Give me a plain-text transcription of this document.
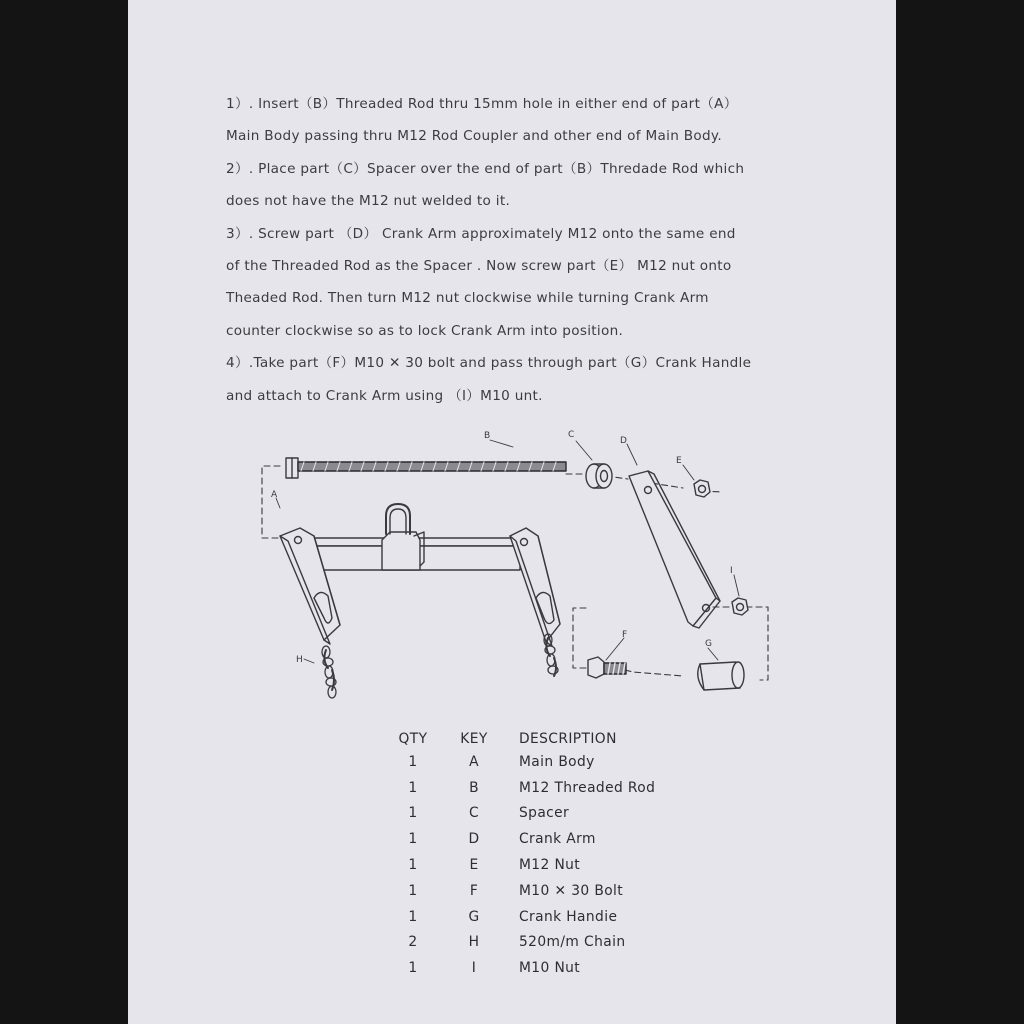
1）. Insert（B）Threaded Rod thru 15mm hole in either end of part（A）

Main Body passing thru M12 Rod Coupler and other end of Main Body.

2）. Place part（C）Spacer over the end of part（B）Thredade Rod which

does not have the M12 nut welded to it.

3）. Screw part （D） Crank Arm approximately M12 onto the same end

of the Threaded Rod as the Spacer . Now screw part（E） M12 nut onto

Theaded Rod. Then turn M12 nut clockwise while turning Crank Arm

counter clockwise so as to lock Crank Arm into position.

4）.Take part（F）M10 ✕ 30 bolt and pass through part（G）Crank Handle

and attach to Crank Arm using （I）M10 unt.

B	C
D
E
A
I
F
G
H
QTY	KEY	DESCRIPTION
1	A	Main Body
1	B	M12 Threaded Rod
1	C	Spacer
1	D	Crank Arm
1	E	M12 Nut
1	F	M10 ✕ 30 Bolt
1	G	Crank Handie
2	H	520m/m Chain
1	I	M10 Nut
